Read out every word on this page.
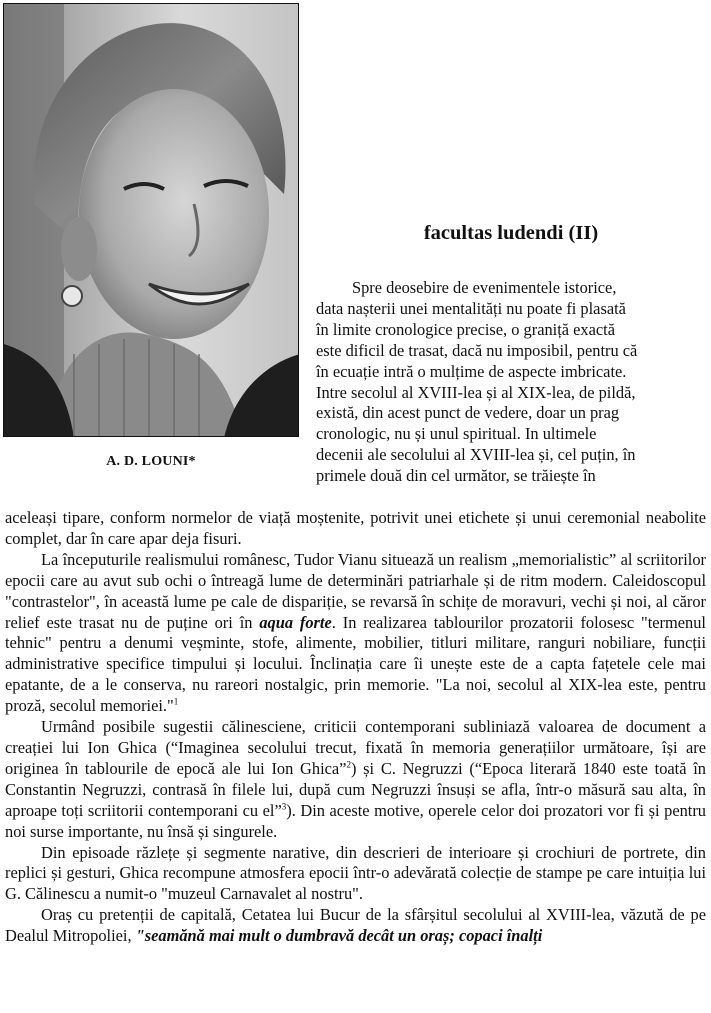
A. D. LOUNI*
facultas ludendi (II)
Spre deosebire de evenimentele istorice,
data nașterii unei mentalități nu poate fi plasată
în limite cronologice precise, o graniță exactă
este dificil de trasat, dacă nu imposibil, pentru că
în ecuație intră o mulțime de aspecte imbricate.
Intre secolul al XVIII-lea și al XIX-lea, de pildă,
există, din acest punct de vedere, doar un prag
cronologic, nu și unul spiritual. In ultimele
decenii ale secolului al XVIII-lea și, cel puțin, în
primele două din cel următor, se trăiește în

aceleași tipare, conform normelor de viață moștenite, potrivit unei etichete și unui ceremonial neabolite complet, dar în care apar deja fisuri.

La începuturile realismului românesc, Tudor Vianu situează un realism „memorialistic” al scriitorilor epocii care au avut sub ochi o întreagă lume de determinări patriarhale și de ritm modern. Caleidoscopul "contrastelor", în această lume pe cale de dispariție, se revarsă în schițe de moravuri, vechi și noi, al căror relief este trasat nu de puține ori în aqua forte. In realizarea tablourilor prozatorii folosesc "termenul tehnic" pentru a denumi veșminte, stofe, alimente, mobilier, titluri militare, ranguri nobiliare, funcții administrative specifice timpului și locului. Înclinația care îi unește este de a capta fațetele cele mai epatante, de a le conserva, nu rareori nostalgic, prin memorie. "La noi, secolul al XIX-lea este, pentru proză, secolul memoriei."$^1$

Urmând posibile sugestii călinesciene, criticii contemporani subliniază valoarea de document a creației lui Ion Ghica (“Imaginea secolului trecut, fixată în memoria generațiilor următoare, își are originea în tablourile de epocă ale lui Ion Ghica”$^2$) și C. Negruzzi (“Epoca literară 1840 este toată în Constantin Negruzzi, contrasă în filele lui, după cum Negruzzi însuși se afla, într-o măsură sau alta, în aproape toți scriitorii contemporani cu el”$^3$). Din aceste motive, operele celor doi prozatori vor fi și pentru noi surse importante, nu însă și singurele.

Din episoade răzlețe și segmente narative, din descrieri de interioare și crochiuri de portrete, din replici și gesturi, Ghica recompune atmosfera epocii într-o adevărată colecție de stampe pe care intuiția lui G. Călinescu a numit-o "muzeul Carnavalet al nostru".

Oraș cu pretenții de capitală, Cetatea lui Bucur de la sfârșitul secolului al XVIII-lea, văzută de pe Dealul Mitropoliei, "seamănă mai mult o dumbravă decât un oraș; copaci înalți
